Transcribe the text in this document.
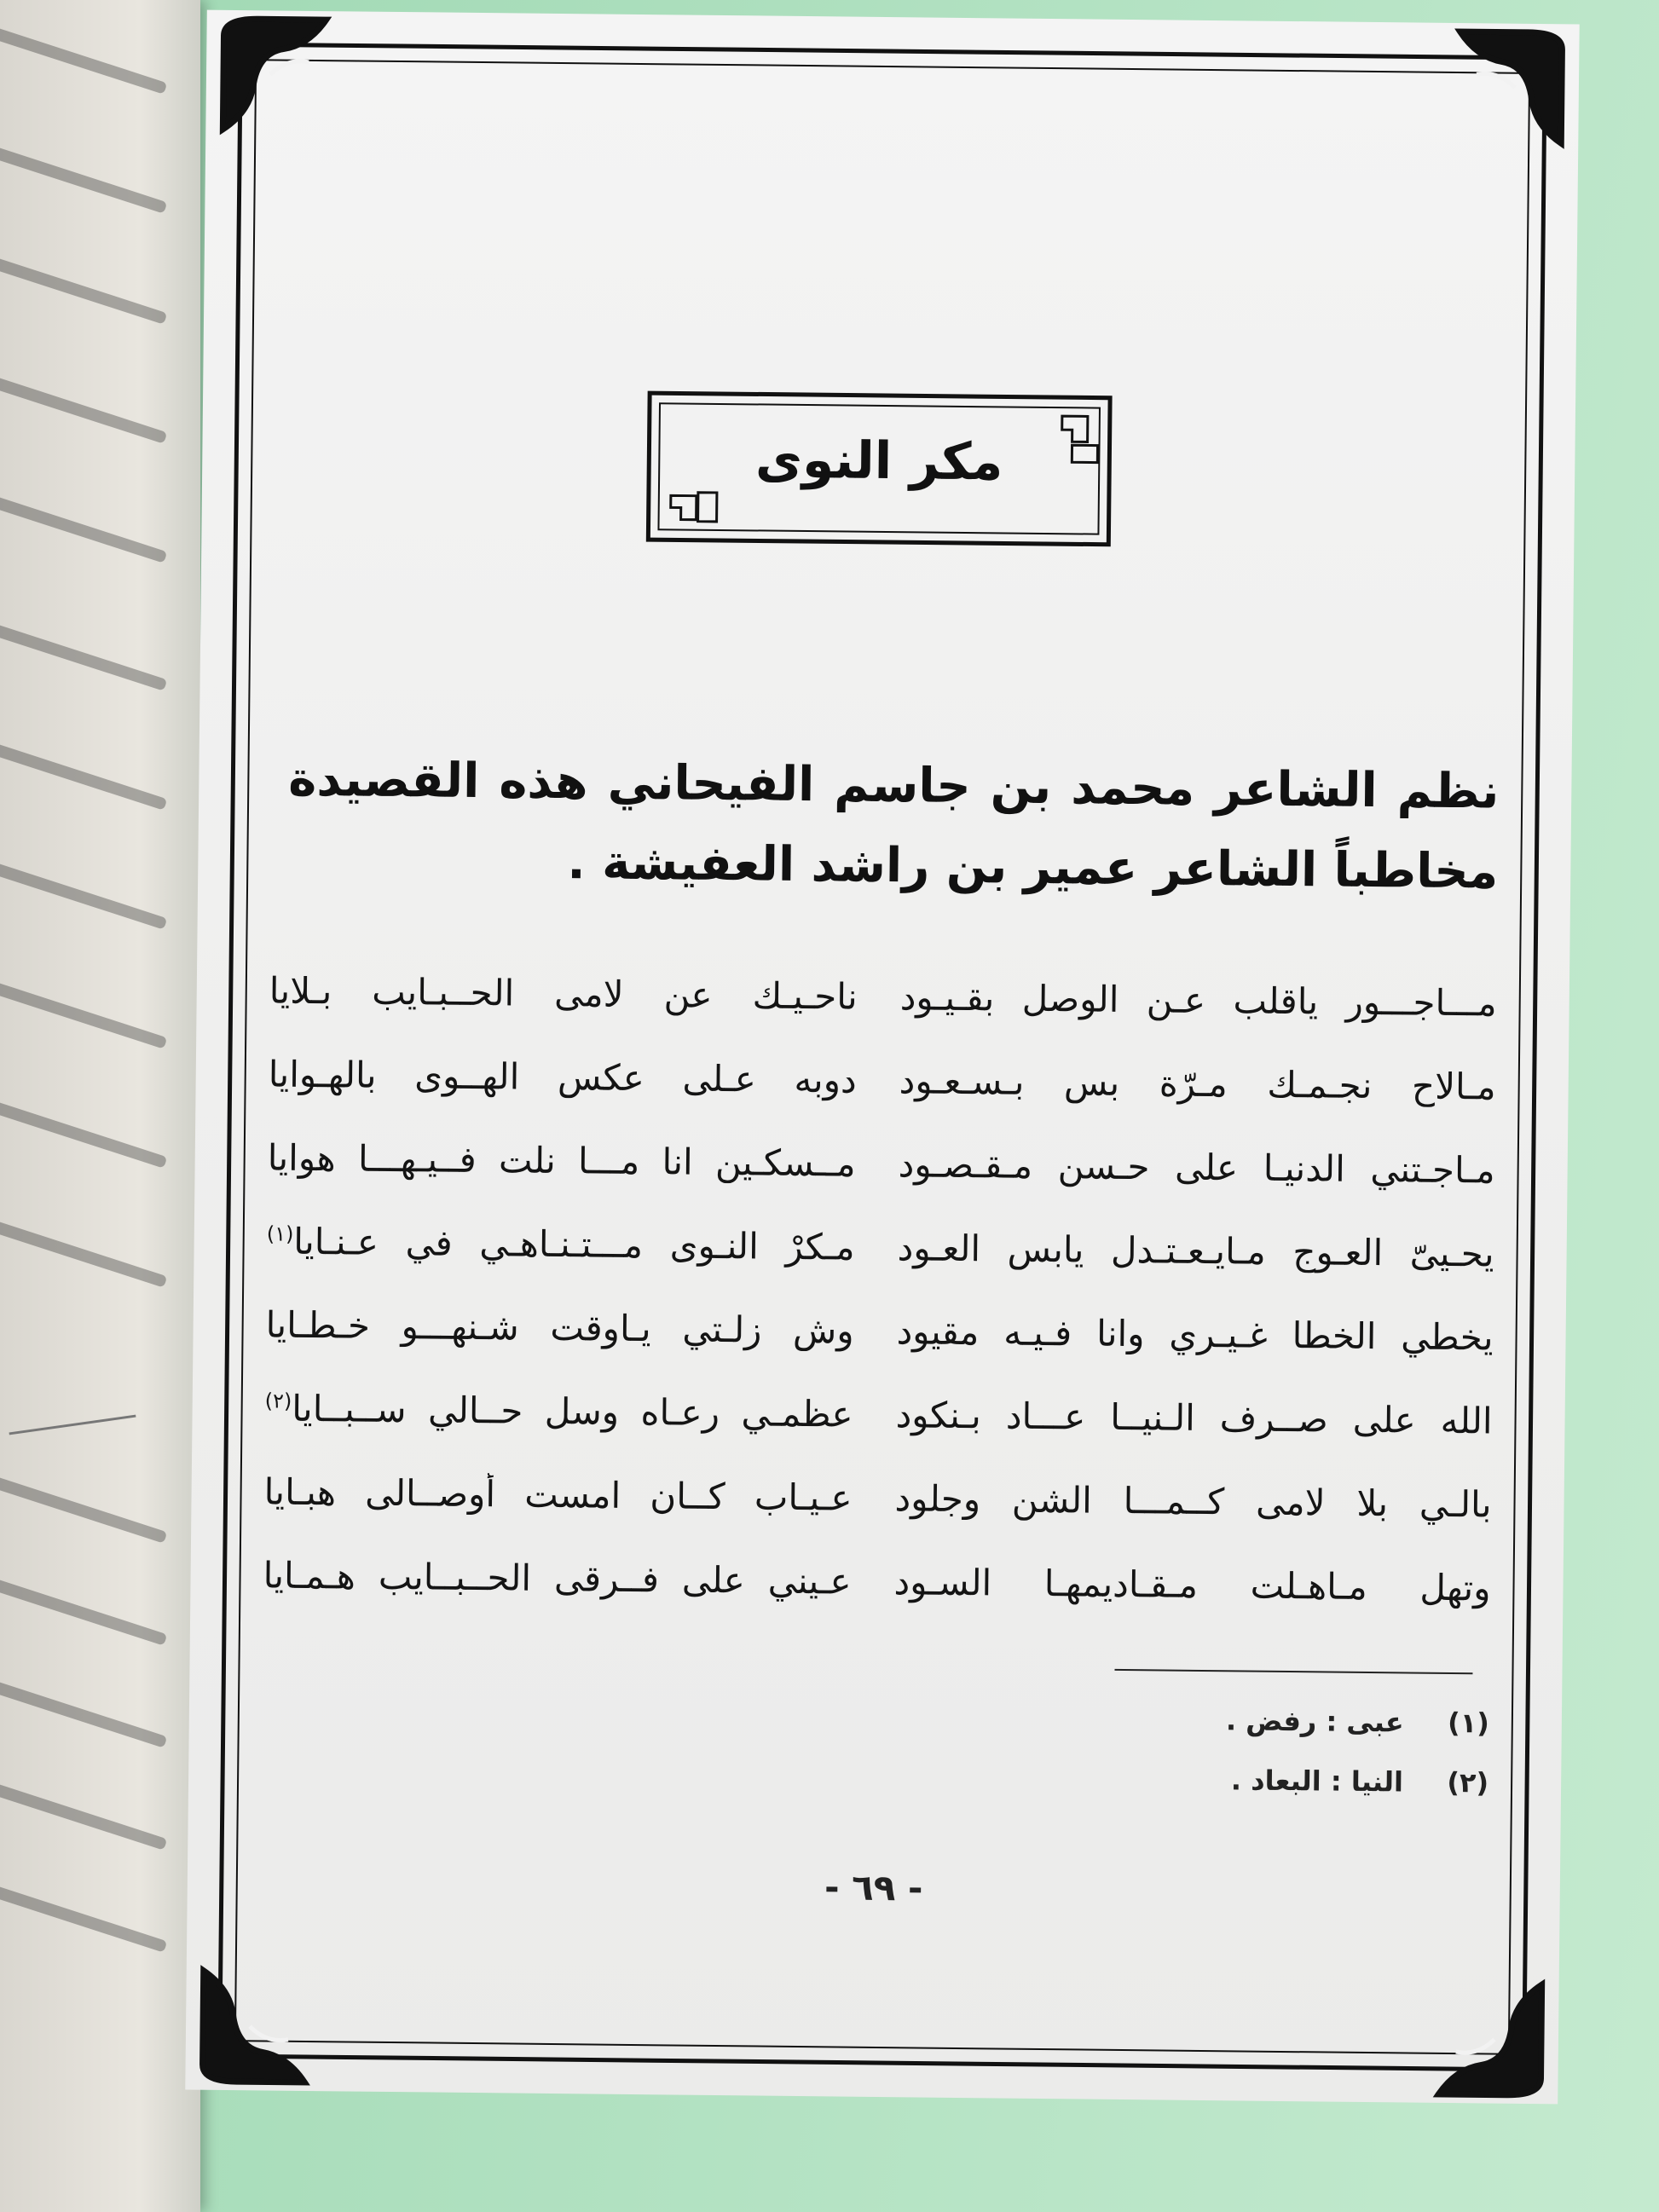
مكر النوى
نظم الشاعر محمد بن جاسم الفيحاني هذه القصيدة مخاطباً الشاعر عمير بن راشد العفيشة .
مـــاجـــور ياقلب عـن الوصل بقـيـود
ناحـيـك عن لامى الحــبـايب بـلايا
مـالاح نجـمـك مـرّة بس بـسـعـود
دوبه عـلى عكس الهــوى بالهـوايا
مـاجـتني الدنيـا على حـسن مـقـصـود
مــسكـين انا مـــا نلت فــيـهـــا هوايا
يحـيىّ العـوج مـايـعـتـدل يابس العـود
مـكرْ النـوى مـــتـنـاهـيٍ في عـنـايا$^{(١)}$
يخطي الخطا غـيـري وانا فـيـه مقيود
وش زلـتي يـاوقت شـنهـــو خـطـايا
الله على صــرف الـنيــا عـــاد بـنكود
عظمـي رعـاه وسل حــالي ســبــايا$^{(٢)}$
بالـي بلا لامى كــمـــا الشن وجلود
عـيـاب كــان امست أوصــالى هبـايا
وتهل مـاهـلت مـقـاديمهـا السـود
عـيني على فــرقى الحــبــايب هـمـايا
(١) عبى : رفض .
(٢) النيا : البعاد .
- ٦٩ -
